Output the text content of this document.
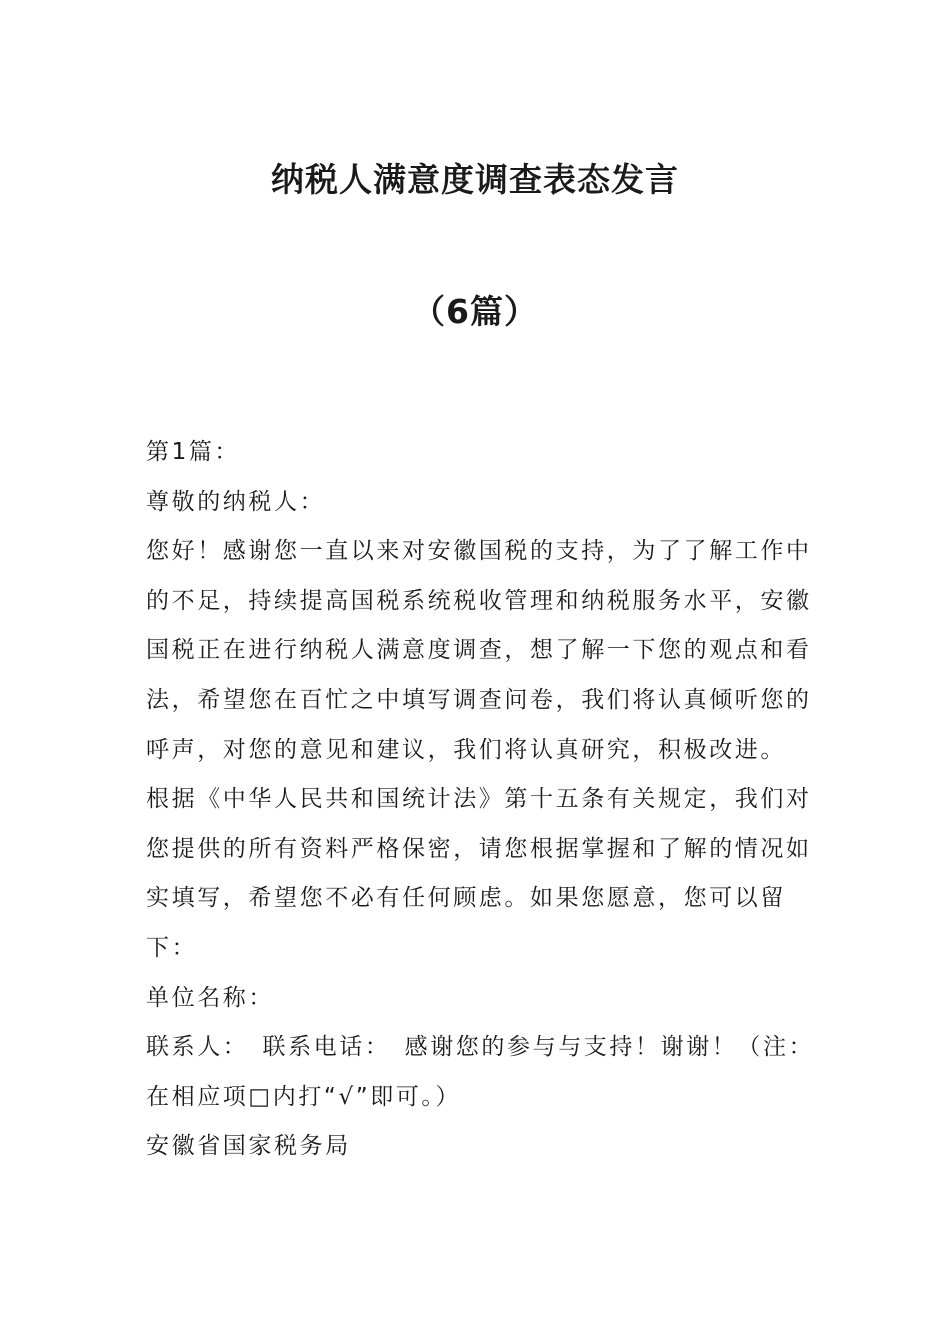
纳税人满意度调查表态发言
（6篇）

第1篇：

尊敬的纳税人：

您好！感谢您一直以来对安徽国税的支持，为了了解工作中的不足，持续提高国税系统税收管理和纳税服务水平，安徽国税正在进行纳税人满意度调查，想了解一下您的观点和看法，希望您在百忙之中填写调查问卷，我们将认真倾听您的呼声，对您的意见和建议，我们将认真研究，积极改进。

根据《中华人民共和国统计法》第十五条有关规定，我们对您提供的所有资料严格保密，请您根据掌握和了解的情况如实填写，希望您不必有任何顾虑。如果您愿意，您可以留下：

单位名称：

联系人：　联系电话：　感谢您的参与与支持！谢谢！（注：在相应项□内打“√”即可。）

安徽省国家税务局
